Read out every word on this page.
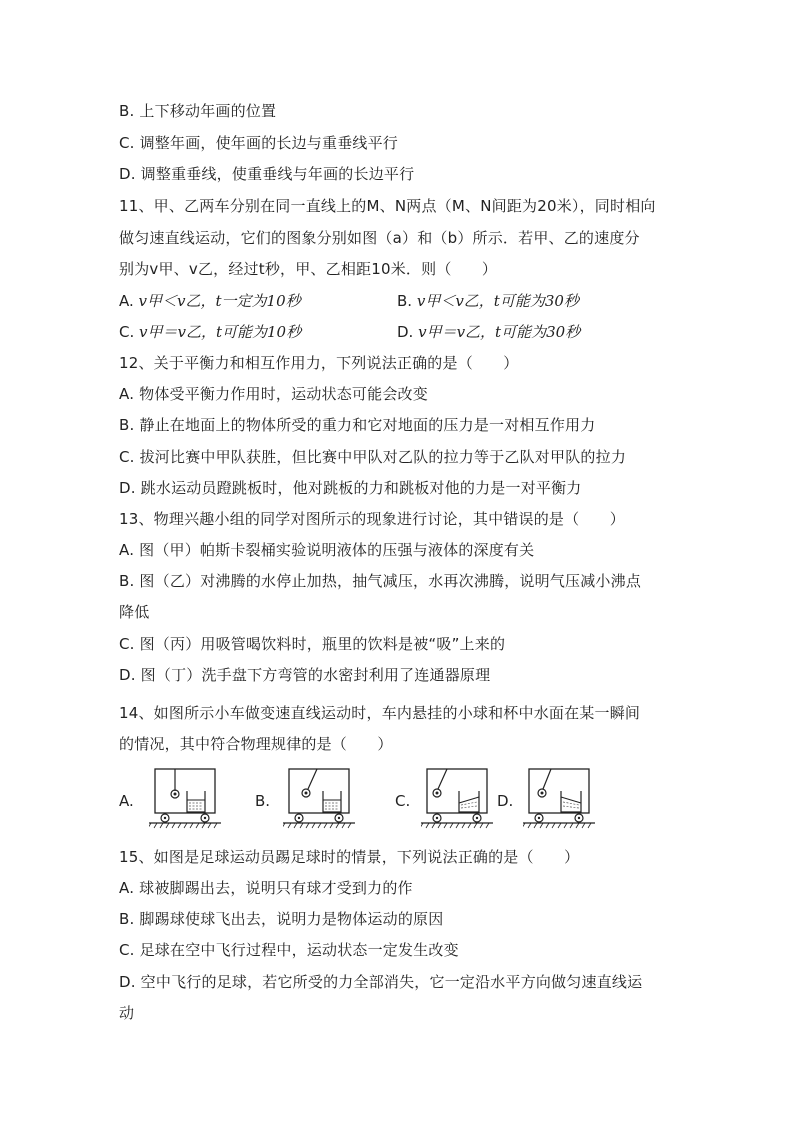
B. 上下移动年画的位置
C. 调整年画，使年画的长边与重垂线平行
D. 调整重垂线，使重垂线与年画的长边平行
11、甲、乙两车分别在同一直线上的M、N两点（M、N间距为20米），同时相向
做匀速直线运动，它们的图象分别如图（a）和（b）所示．若甲、乙的速度分
别为v甲、v乙，经过t秒，甲、乙相距10米．则（　　）
A. v甲＜v乙，t一定为10秒	B. v甲＜v乙，t可能为30秒
C. v甲＝v乙，t可能为10秒	D. v甲＝v乙，t可能为30秒
12、关于平衡力和相互作用力，下列说法正确的是（　　）
A. 物体受平衡力作用时，运动状态可能会改变
B. 静止在地面上的物体所受的重力和它对地面的压力是一对相互作用力
C. 拔河比赛中甲队获胜，但比赛中甲队对乙队的拉力等于乙队对甲队的拉力
D. 跳水运动员蹬跳板时，他对跳板的力和跳板对他的力是一对平衡力
13、物理兴趣小组的同学对图所示的现象进行讨论，其中错误的是（　　）
A. 图（甲）帕斯卡裂桶实验说明液体的压强与液体的深度有关
B. 图（乙）对沸腾的水停止加热，抽气减压，水再次沸腾，说明气压减小沸点
降低
C. 图（丙）用吸管喝饮料时，瓶里的饮料是被“吸”上来的
D. 图（丁）洗手盘下方弯管的水密封利用了连通器原理
14、如图所示小车做变速直线运动时，车内悬挂的小球和杯中水面在某一瞬间
的情况，其中符合物理规律的是（　　）
A.	B.	C.	D.
15、如图是足球运动员踢足球时的情景，下列说法正确的是（　　）
A. 球被脚踢出去，说明只有球才受到力的作
B. 脚踢球使球飞出去，说明力是物体运动的原因
C. 足球在空中飞行过程中，运动状态一定发生改变
D. 空中飞行的足球，若它所受的力全部消失，它一定沿水平方向做匀速直线运
动
